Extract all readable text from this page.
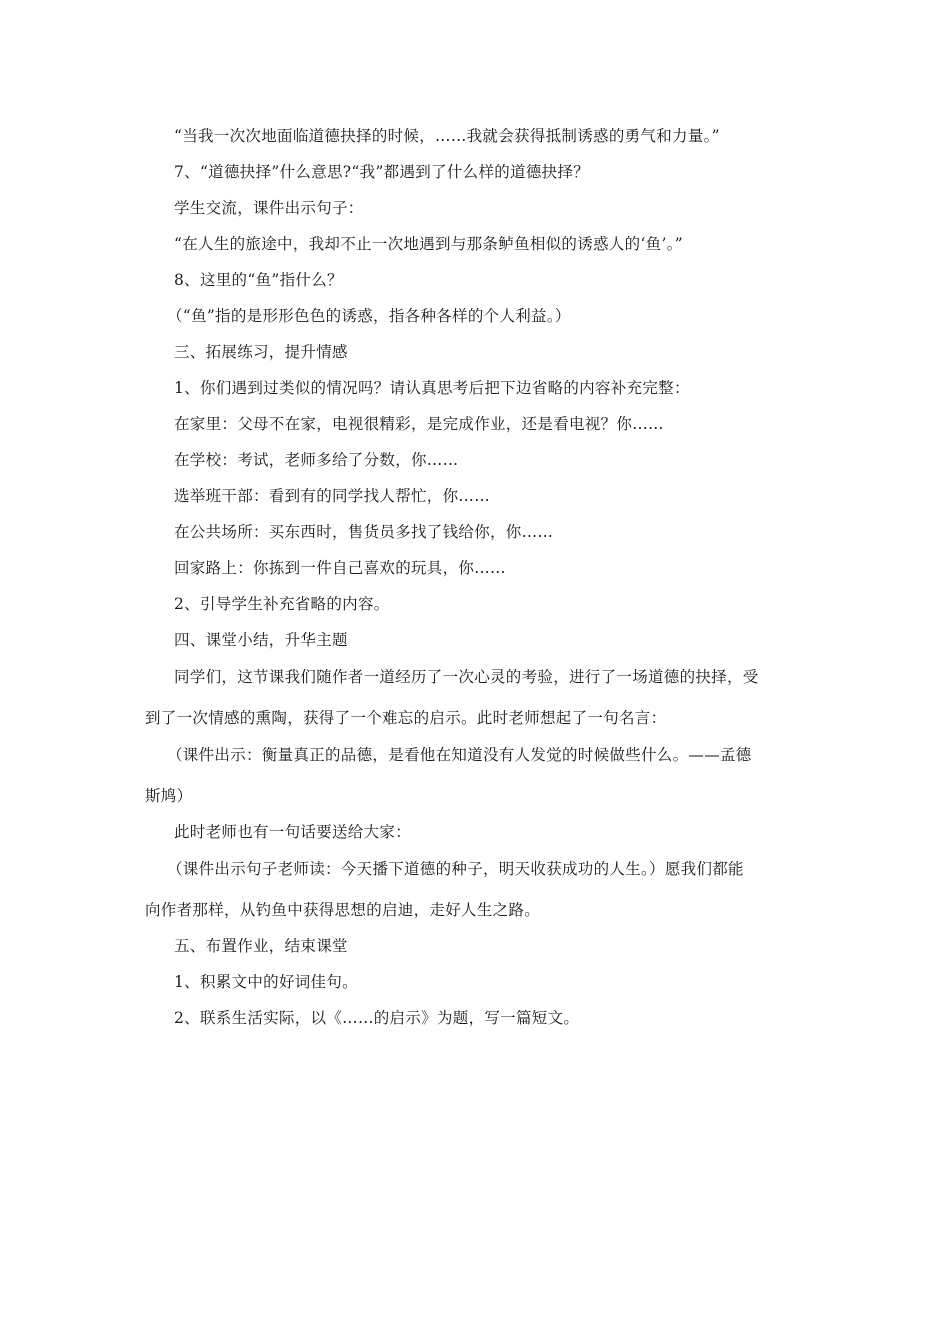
“当我一次次地面临道德抉择的时候，……我就会获得抵制诱惑的勇气和力量。”
7、“道德抉择”什么意思?“我”都遇到了什么样的道德抉择？
学生交流，课件出示句子：
“在人生的旅途中，我却不止一次地遇到与那条鲈鱼相似的诱惑人的‘鱼’。”
8、这里的“鱼”指什么？
（“鱼”指的是形形色色的诱惑，指各种各样的个人利益。）
三、拓展练习，提升情感
1、你们遇到过类似的情况吗？请认真思考后把下边省略的内容补充完整：
在家里：父母不在家，电视很精彩，是完成作业，还是看电视？你……
在学校：考试，老师多给了分数，你……
选举班干部：看到有的同学找人帮忙，你……
在公共场所：买东西时，售货员多找了钱给你，你……
回家路上：你拣到一件自己喜欢的玩具，你……
2、引导学生补充省略的内容。
四、课堂小结，升华主题
同学们，这节课我们随作者一道经历了一次心灵的考验，进行了一场道德的抉择，受
到了一次情感的熏陶，获得了一个难忘的启示。此时老师想起了一句名言：
（课件出示：衡量真正的品德，是看他在知道没有人发觉的时候做些什么。——孟德
斯鸠）
此时老师也有一句话要送给大家：
（课件出示句子老师读：今天播下道德的种子，明天收获成功的人生。）愿我们都能
向作者那样，从钓鱼中获得思想的启迪，走好人生之路。
五、布置作业，结束课堂
1、积累文中的好词佳句。
2、联系生活实际，以《……的启示》为题，写一篇短文。
